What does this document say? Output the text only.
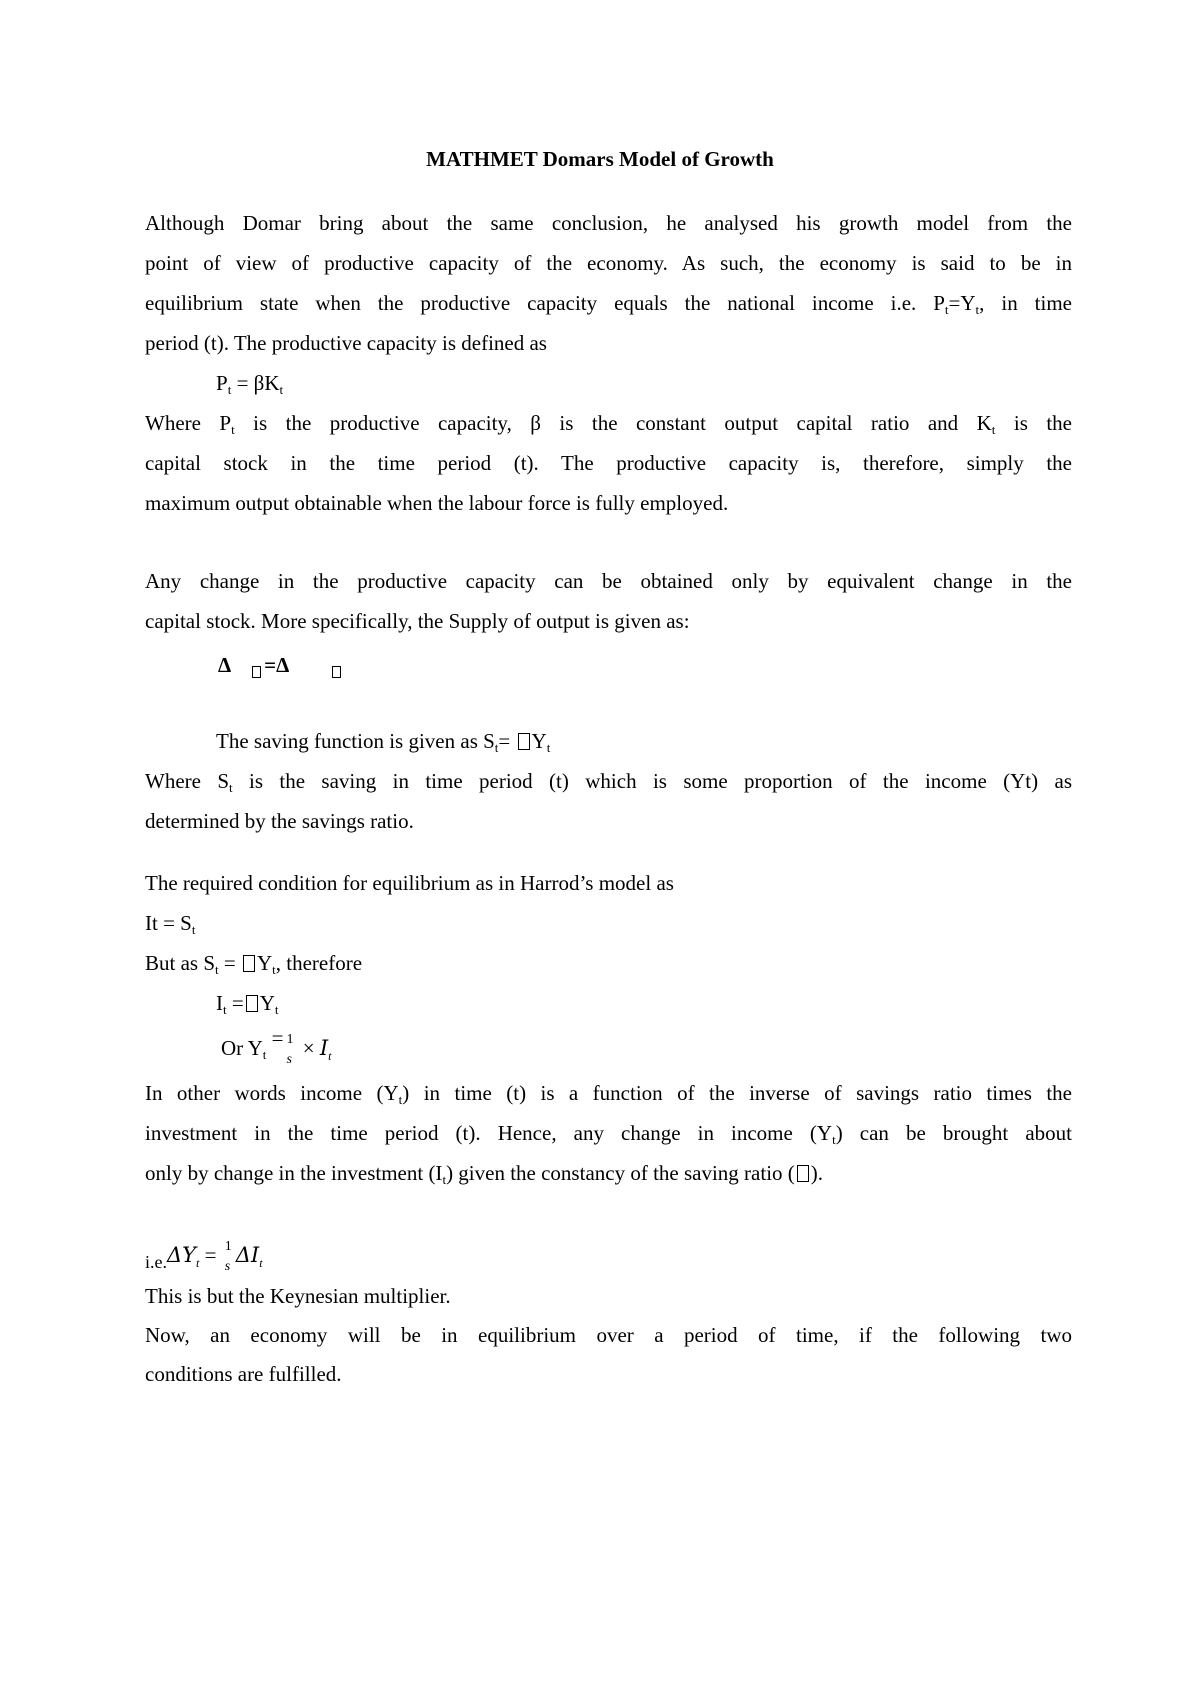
MATHMET Domars Model of Growth
Although Domar bring about the same conclusion, he analysed his growth model from the
point of view of productive capacity of the economy. As such, the economy is said to be in
equilibrium state when the productive capacity equals the national income i.e. $P_t=Y_t$, in time
period (t). The productive capacity is defined as
$P_t = \beta K_t$
Where $P_t$ is the productive capacity, β is the constant output capital ratio and $K_t$ is the
capital stock in the time period (t). The productive capacity is, therefore, simply the
maximum output obtainable when the labour force is fully employed.
Any change in the productive capacity can be obtained only by equivalent change in the
capital stock. More specifically, the Supply of output is given as:
Δ =Δ
The saving function is given as $S_t= Y_t$
Where $S_t$ is the saving in time period (t) which is some proportion of the income (Yt) as
determined by the savings ratio.
The required condition for equilibrium as in Harrod’s model as
$It = S_t$
But as $S_t = Y_t$, therefore
$I_t = Y_t$
Or $Y_t = 1$
$s \times I_t$
In other words income $(Y_t)$ in time (t) is a function of the inverse of savings ratio times the
investment in the time period (t). Hence, any change in income $(Y_t)$ can be brought about
only by change in the investment $(I_t)$ given the constancy of the saving ratio ( ).
$i.e.\Delta Y_t = 1$
s $\Delta I_t$
This is but the Keynesian multiplier.
Now, an economy will be in equilibrium over a period of time, if the following two
conditions are fulfilled.
